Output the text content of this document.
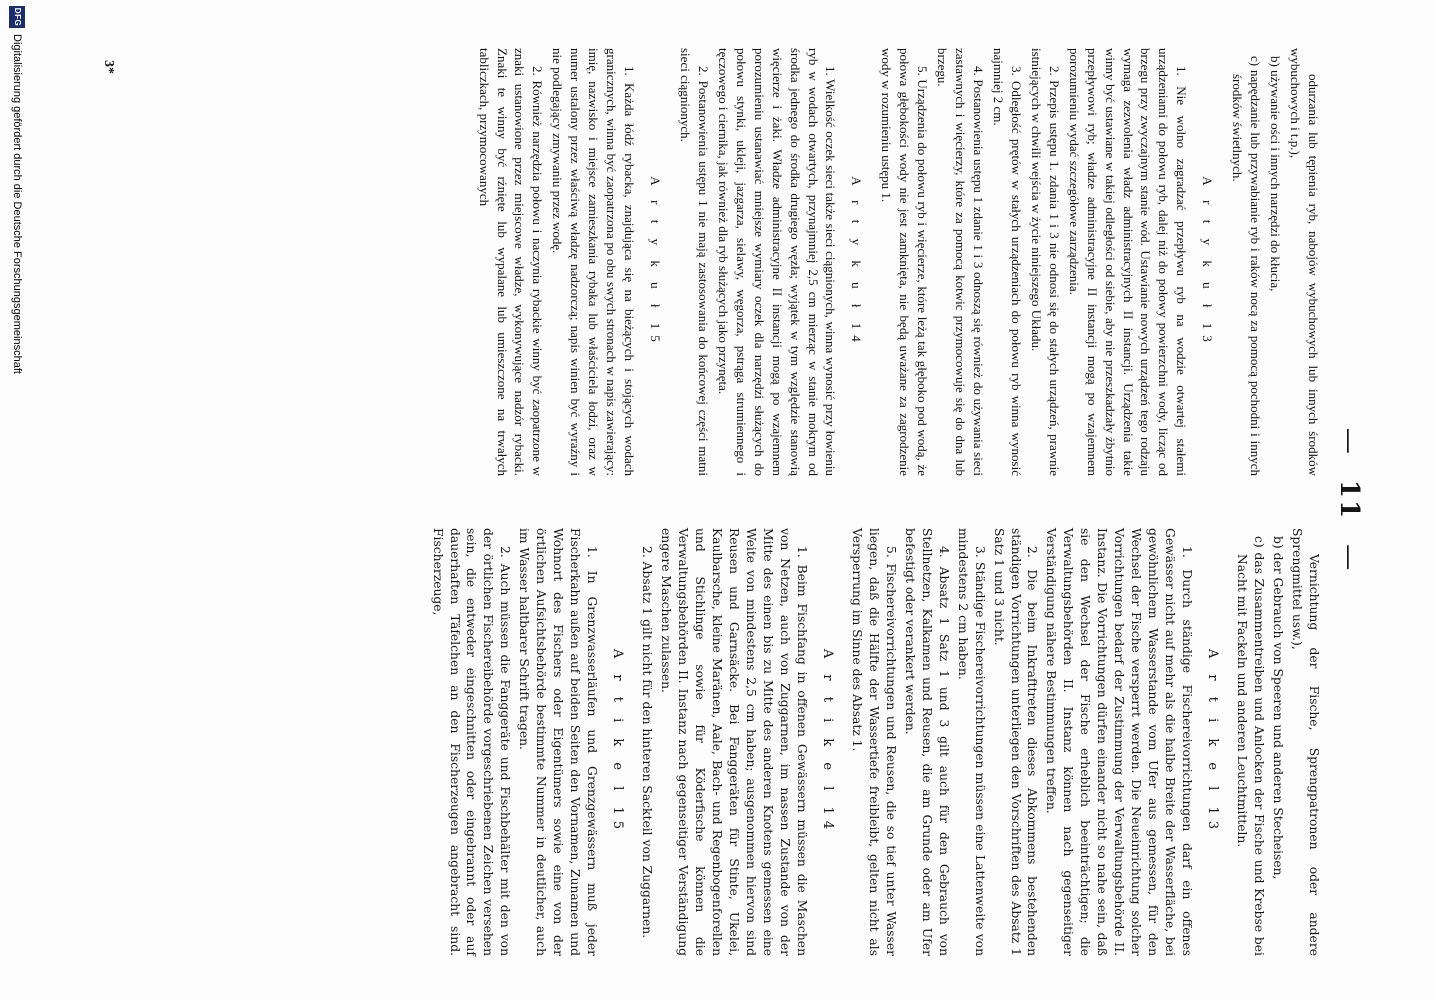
—11—

odurzania lub tępienia ryb, nabojów wybuchowych lub innych środków wybuchowych i t.p.),

b) używanie ości i innych narzędzi do kłucia,
c) napędzanie lub przywabianie ryb i raków nocą za pomocą pochodni i innych środków świetlnych.
A r t y k u ł 13

1. Nie wolno zagradzać przepływu ryb na wodzie otwartej stałemi urządzeniami do połowu ryb, dalej niż do połowy powierzchni wody, licząc od brzegu przy zwyczajnym stanie wód. Ustawianie nowych urządzeń tego rodzaju wymaga zezwolenia władz administracyjnych II instancji. Urządzenia takie winny być ustawiane w takiej odległości od siebie, aby nie przeszkadzały żbytnio przepływowi ryb; władze administracyjne II instancji mogą po wzajemnem porozumieniu wydać szczegółowe zarządzenia.

2. Przepis ustępu 1. zdania 1 i 3 nie odnosi się do stałych urządzeń, prawnie istniejących w chwili wejścia w życie niniejszego Układu.

3. Odległość prętów w stałych urządzeniach do połowu ryb winna wynosić najmniej 2 cm.

4. Postanowienia ustępu 1 zdanie 1 i 3 odnoszą się również do używania sieci zastawnych i więcierzy, które za pomocą kotwic przymocowuje się do dna lub brzegu.

5. Urządzenia do połowu ryb i więcierze, które leżą tak głęboko pod wodą, że połowa głębokości wody nie jest zamknięta, nie będą uważane za zagrodzenie wody w rozumieniu ustępu 1.

A r t y k u ł 14

1. Wielkość oczek sieci także sieci ciągnionych, winna wynosić przy łowieniu ryb w wodach otwartych, przynajmniej 2,5 cm mierząc w stanie mokrym od środka jednego do środka drugiego węzła; wyjątek w tym względzie stanowią więcierze i żaki. Władze administracyjne II instancji mogą po wzajemnem porozumieniu ustanawiać mniejsze wymiary oczek dla narzędzi służących do połowu stynki, ukleji, jazgarza, sielawy, węgorza, pstrąga strumiennego i tęczowego i ciernika, jak również dla ryb służących jako przynęta.

2. Postanowienia ustępu 1 nie mają zastosowania do końcowej części matni sieci ciągnionych.

A r t y k u ł 15

1. Każda łódź rybacka, znajdująca się na bieżących i stojących wodach granicznych, winna być zaopatrzona po obu swych stronach w napis zawierający: imię, nazwisko i miejsce zamieszkania rybaka lub właściciela łodzi, oraz w numer ustalony przez właściwą władzę nadzorczą; napis winien być wyraźny i nie podlegający zmywaniu przez wodę.

2. Również narzędzia połowu i naczynia rybackie winny być zaopatrzone w znaki ustanowione przez miejscowe władze, wykonywujące nadzór rybacki. Znaki te winny być rżnięte lub wypalane lub umieszczone na trwałych tabliczkach, przymocowanych

Vernichtung der Fische, Sprengpatronen oder andere Sprengmittel usw.),

b) der Gebrauch von Speeren und anderen Stecheisen,
c) das Zusammentreiben und Anlocken der Fische und Krebse bei Nacht mit Fackeln und anderen Leuchtmitteln.
A r t i k e l 13

1. Durch ständige Fischereivorrichtungen darf ein offenes Gewässer nicht auf mehr als die halbe Breite der Wasserfläche, bei gewöhnlichem Wasserstande vom Ufer aus gemessen, für den Wechsel der Fische versperrt werden. Die Neueinrichtung solcher Vorrichtungen bedarf der Zustimmung der Verwaltungsbehörde II. Instanz. Die Vorrichtungen dürfen einander nicht so nahe sein, daß sie den Wechsel der Fische erheblich beeinträchtigen; die Verwaltungsbehörden II. Instanz können nach gegenseitiger Verständigung nähere Bestimmungen treffen.

2. Die beim Inkrafttreten dieses Abkommens bestehenden ständigen Vorrichtungen unterliegen den Vorschriften des Absatz 1 Satz 1 und 3 nicht.

3. Ständige Fischereivorrichtungen müssen eine Lattenweite von mindestens 2 cm haben.

4. Absatz 1 Satz 1 und 3 gilt auch für den Gebrauch von Stellnetzen, Kalkamen und Reusen, die am Grunde oder am Ufer befestigt oder verankert werden.

5. Fischereivorrichtungen und Reusen, die so tief unter Wasser liegen, daß die Hälfte der Wassertiefe freibleibt, gelten nicht als Versperrung im Sinne des Absatz 1.

A r t i k e l 14

1. Beim Fischfang in offenen Gewässern müssen die Maschen von Netzen, auch von Zuggarnen, im nassen Zustande von der Mitte des einen bis zu Mitte des anderen Knotens gemessen eine Weite von mindestens 2,5 cm haben; ausgenommen hiervon sind Reusen und Garnsäcke. Bei Fanggeräten für Stinte, Ukelei, Kaulbarsche, kleine Maränen, Aale, Bach- und Regenbogenforellen und Stichlinge sowie für Köderfische können die Verwaltungsbehörden II. Instanz nach gegenseitiger Verständigung engere Maschen zulassen.

2. Absatz 1 gilt nicht für den hinteren Sackteil von Zuggarnen.

A r t i k e l 15

1. In Grenzwasserläufen und Grenzgewässern muß jeder Fischerkahn außen auf beiden Seiten den Vornamen, Zunamen und Wohnort des Fischers oder Eigentümers sowie eine von der örtlichen Aufsichtsbehörde bestimmte Nummer in deutlicher, auch im Wasser haltbarer Schrift tragen.

2. Auch müssen die Fanggeräte und Fischbehälter mit den von der örtlichen Fischereibehörde vorgeschriebenen Zeichen versehen sein, die entweder eingeschnitten oder eingebrannt oder auf dauerhaften Täfelchen an den Fischerzeugen angebracht sind. Fischerzeuge,

3*
DFG
Digitalisierung gefördert durch die Deutsche Forschungsgemeinschaft
